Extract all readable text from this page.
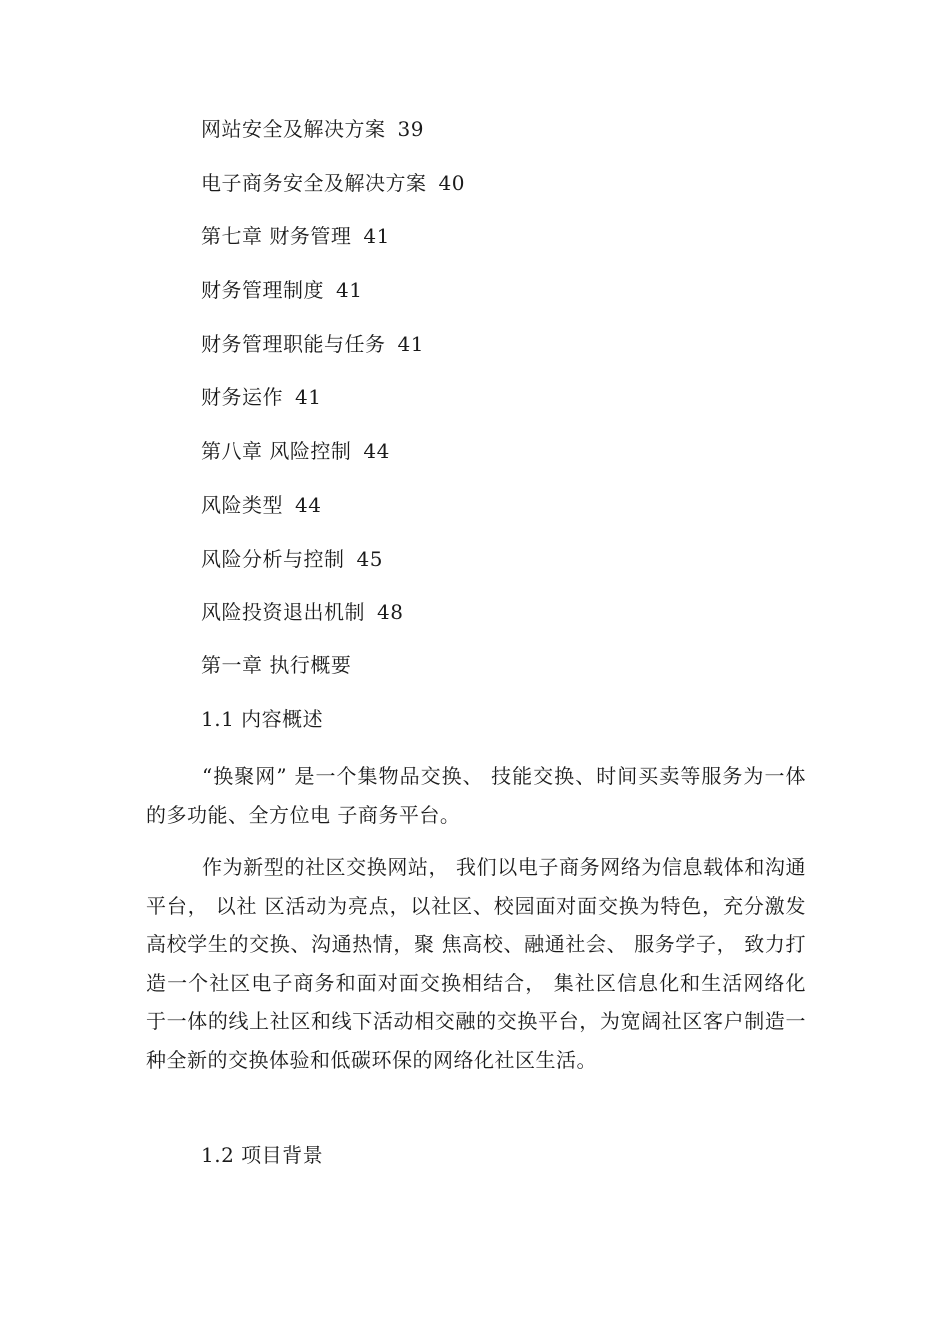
网站安全及解决方案 39
电子商务安全及解决方案 40
第七章 财务管理 41
财务管理制度 41
财务管理职能与任务 41
财务运作 41
第八章 风险控制 44
风险类型 44
风险分析与控制 45
风险投资退出机制 48
第一章 执行概要
1.1 内容概述

“换聚网” 是一个集物品交换、 技能交换、时间买卖等服务为一体的多功能、全方位电 子商务平台。

作为新型的社区交换网站， 我们以电子商务网络为信息载体和沟通平台， 以社 区活动为亮点，以社区、校园面对面交换为特色，充分激发高校学生的交换、沟通热情，聚 焦高校、融通社会、 服务学子， 致力打造一个社区电子商务和面对面交换相结合， 集社区信息化和生活网络化于一体的线上社区和线下活动相交融的交换平台，为宽阔社区客户制造一 种全新的交换体验和低碳环保的网络化社区生活。

1.2 项目背景
